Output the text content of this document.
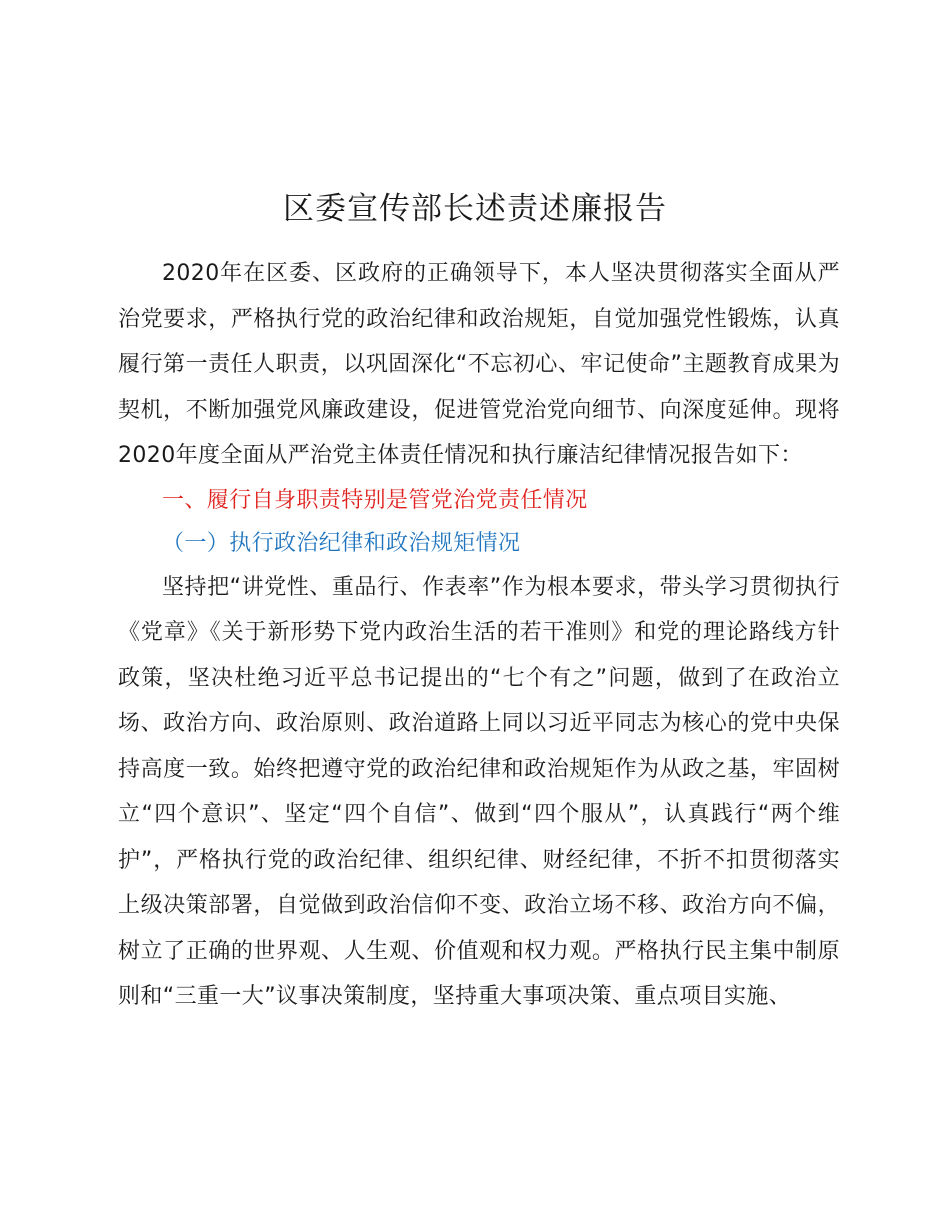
区委宣传部长述责述廉报告

2020年在区委、区政府的正确领导下，本人坚决贯彻落实全面从严治党要求，严格执行党的政治纪律和政治规矩，自觉加强党性锻炼，认真履行第一责任人职责，以巩固深化“不忘初心、牢记使命”主题教育成果为契机，不断加强党风廉政建设，促进管党治党向细节、向深度延伸。现将2020年度全面从严治党主体责任情况和执行廉洁纪律情况报告如下：

一、履行自身职责特别是管党治党责任情况

（一）执行政治纪律和政治规矩情况

坚持把“讲党性、重品行、作表率”作为根本要求，带头学习贯彻执行《党章》《关于新形势下党内政治生活的若干准则》和党的理论路线方针政策，坚决杜绝习近平总书记提出的“七个有之”问题，做到了在政治立场、政治方向、政治原则、政治道路上同以习近平同志为核心的党中央保持高度一致。始终把遵守党的政治纪律和政治规矩作为从政之基，牢固树立“四个意识”、坚定“四个自信”、做到“四个服从”，认真践行“两个维护”，严格执行党的政治纪律、组织纪律、财经纪律，不折不扣贯彻落实上级决策部署，自觉做到政治信仰不变、政治立场不移、政治方向不偏，树立了正确的世界观、人生观、价值观和权力观。严格执行民主集中制原则和“三重一大”议事决策制度，坚持重大事项决策、重点项目实施、
